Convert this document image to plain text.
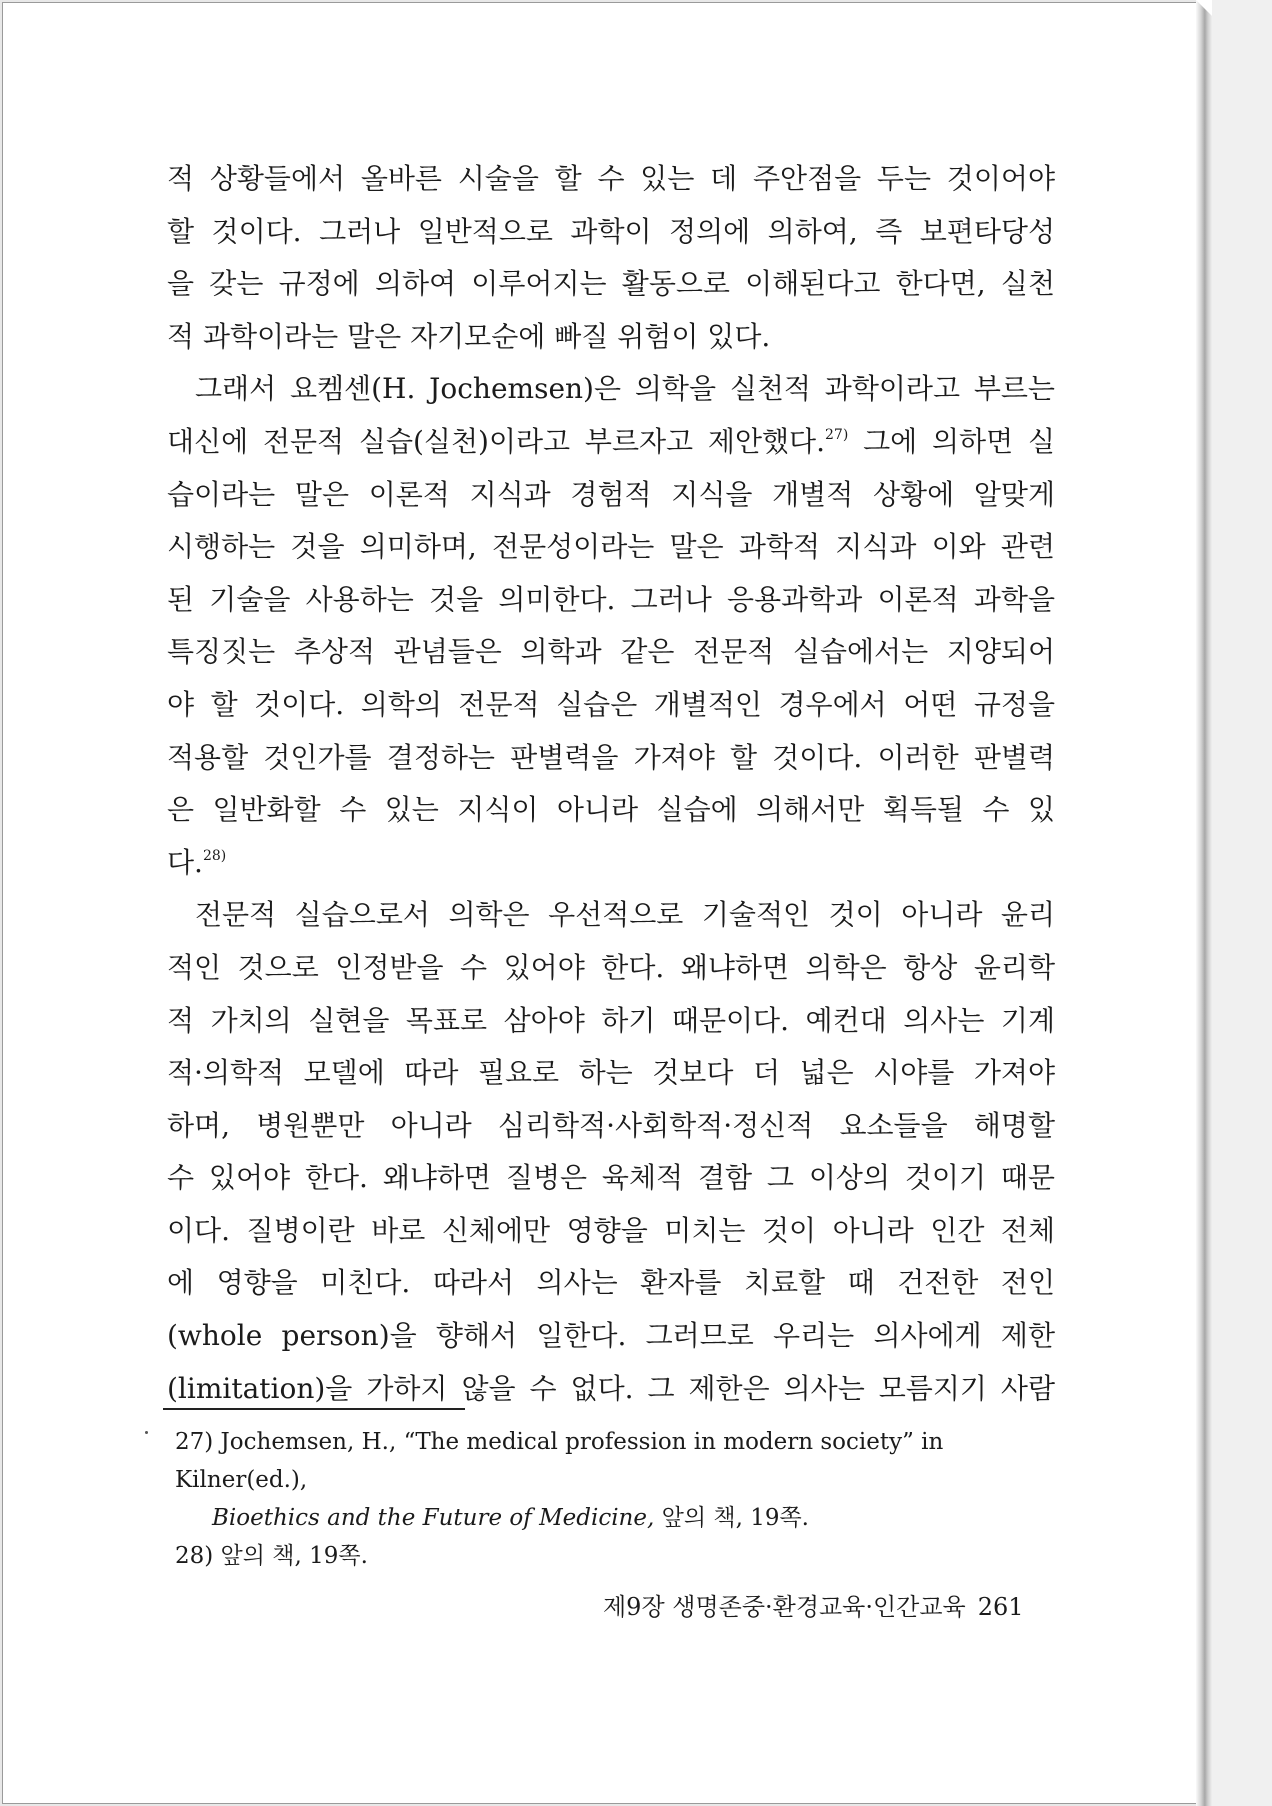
적 상황들에서 올바른 시술을 할 수 있는 데 주안점을 두는 것이어야
할 것이다. 그러나 일반적으로 과학이 정의에 의하여, 즉 보편타당성
을 갖는 규정에 의하여 이루어지는 활동으로 이해된다고 한다면, 실천
적 과학이라는 말은 자기모순에 빠질 위험이 있다.
그래서 요켐센(H. Jochemsen)은 의학을 실천적 과학이라고 부르는
대신에 전문적 실습(실천)이라고 부르자고 제안했다.$^{27)}$ 그에 의하면 실
습이라는 말은 이론적 지식과 경험적 지식을 개별적 상황에 알맞게
시행하는 것을 의미하며, 전문성이라는 말은 과학적 지식과 이와 관련
된 기술을 사용하는 것을 의미한다. 그러나 응용과학과 이론적 과학을
특징짓는 추상적 관념들은 의학과 같은 전문적 실습에서는 지양되어
야 할 것이다. 의학의 전문적 실습은 개별적인 경우에서 어떤 규정을
적용할 것인가를 결정하는 판별력을 가져야 할 것이다. 이러한 판별력
은 일반화할 수 있는 지식이 아니라 실습에 의해서만 획득될 수 있
다.$^{28)}$
전문적 실습으로서 의학은 우선적으로 기술적인 것이 아니라 윤리
적인 것으로 인정받을 수 있어야 한다. 왜냐하면 의학은 항상 윤리학
적 가치의 실현을 목표로 삼아야 하기 때문이다. 예컨대 의사는 기계
적·의학적 모델에 따라 필요로 하는 것보다 더 넓은 시야를 가져야
하며, 병원뿐만 아니라 심리학적·사회학적·정신적 요소들을 해명할
수 있어야 한다. 왜냐하면 질병은 육체적 결함 그 이상의 것이기 때문
이다. 질병이란 바로 신체에만 영향을 미치는 것이 아니라 인간 전체
에 영향을 미친다. 따라서 의사는 환자를 치료할 때 건전한 전인
(whole person)을 향해서 일한다. 그러므로 우리는 의사에게 제한
(limitation)을 가하지 않을 수 없다. 그 제한은 의사는 모름지기 사람
27) Jochemsen, H., “The medical profession in modern society” in Kilner(ed.),
Bioethics and the Future of Medicine, 앞의 책, 19쪽.
28) 앞의 책, 19쪽.
제9장 생명존중·환경교육·인간교육 261
